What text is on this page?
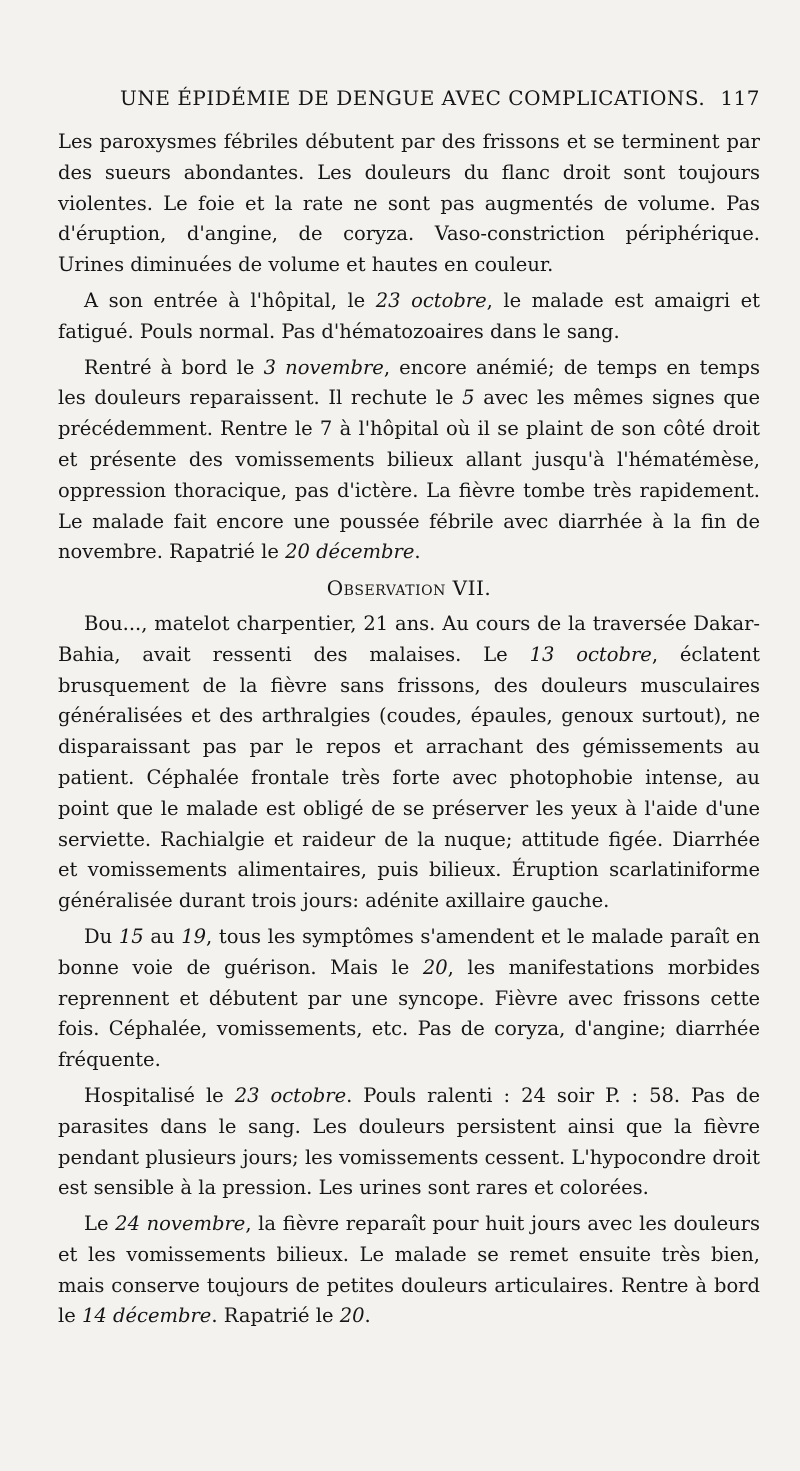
UNE ÉPIDÉMIE DE DENGUE AVEC COMPLICATIONS. 117

Les paroxysmes fébriles débutent par des frissons et se terminent par des sueurs abondantes. Les douleurs du flanc droit sont toujours violentes. Le foie et la rate ne sont pas augmentés de volume. Pas d'éruption, d'angine, de coryza. Vaso-constriction périphérique. Urines diminuées de volume et hautes en couleur.

A son entrée à l'hôpital, le 23 octobre, le malade est amaigri et fatigué. Pouls normal. Pas d'hématozoaires dans le sang.

Rentré à bord le 3 novembre, encore anémié; de temps en temps les douleurs reparaissent. Il rechute le 5 avec les mêmes signes que précédemment. Rentre le 7 à l'hôpital où il se plaint de son côté droit et présente des vomissements bilieux allant jusqu'à l'hématémèse, oppression thoracique, pas d'ictère. La fièvre tombe très rapidement. Le malade fait encore une poussée fébrile avec diarrhée à la fin de novembre. Rapatrié le 20 décembre.

Observation VII.

Bou..., matelot charpentier, 21 ans. Au cours de la traversée Dakar-Bahia, avait ressenti des malaises. Le 13 octobre, éclatent brusquement de la fièvre sans frissons, des douleurs musculaires généralisées et des arthralgies (coudes, épaules, genoux surtout), ne disparaissant pas par le repos et arrachant des gémissements au patient. Céphalée frontale très forte avec photophobie intense, au point que le malade est obligé de se préserver les yeux à l'aide d'une serviette. Rachialgie et raideur de la nuque; attitude figée. Diarrhée et vomissements alimentaires, puis bilieux. Éruption scarlatiniforme généralisée durant trois jours: adénite axillaire gauche.

Du 15 au 19, tous les symptômes s'amendent et le malade paraît en bonne voie de guérison. Mais le 20, les manifestations morbides reprennent et débutent par une syncope. Fièvre avec frissons cette fois. Céphalée, vomissements, etc. Pas de coryza, d'angine; diarrhée fréquente.

Hospitalisé le 23 octobre. Pouls ralenti : 24 soir P. : 58. Pas de parasites dans le sang. Les douleurs persistent ainsi que la fièvre pendant plusieurs jours; les vomissements cessent. L'hypocondre droit est sensible à la pression. Les urines sont rares et colorées.

Le 24 novembre, la fièvre reparaît pour huit jours avec les douleurs et les vomissements bilieux. Le malade se remet ensuite très bien, mais conserve toujours de petites douleurs articulaires. Rentre à bord le 14 décembre. Rapatrié le 20.
